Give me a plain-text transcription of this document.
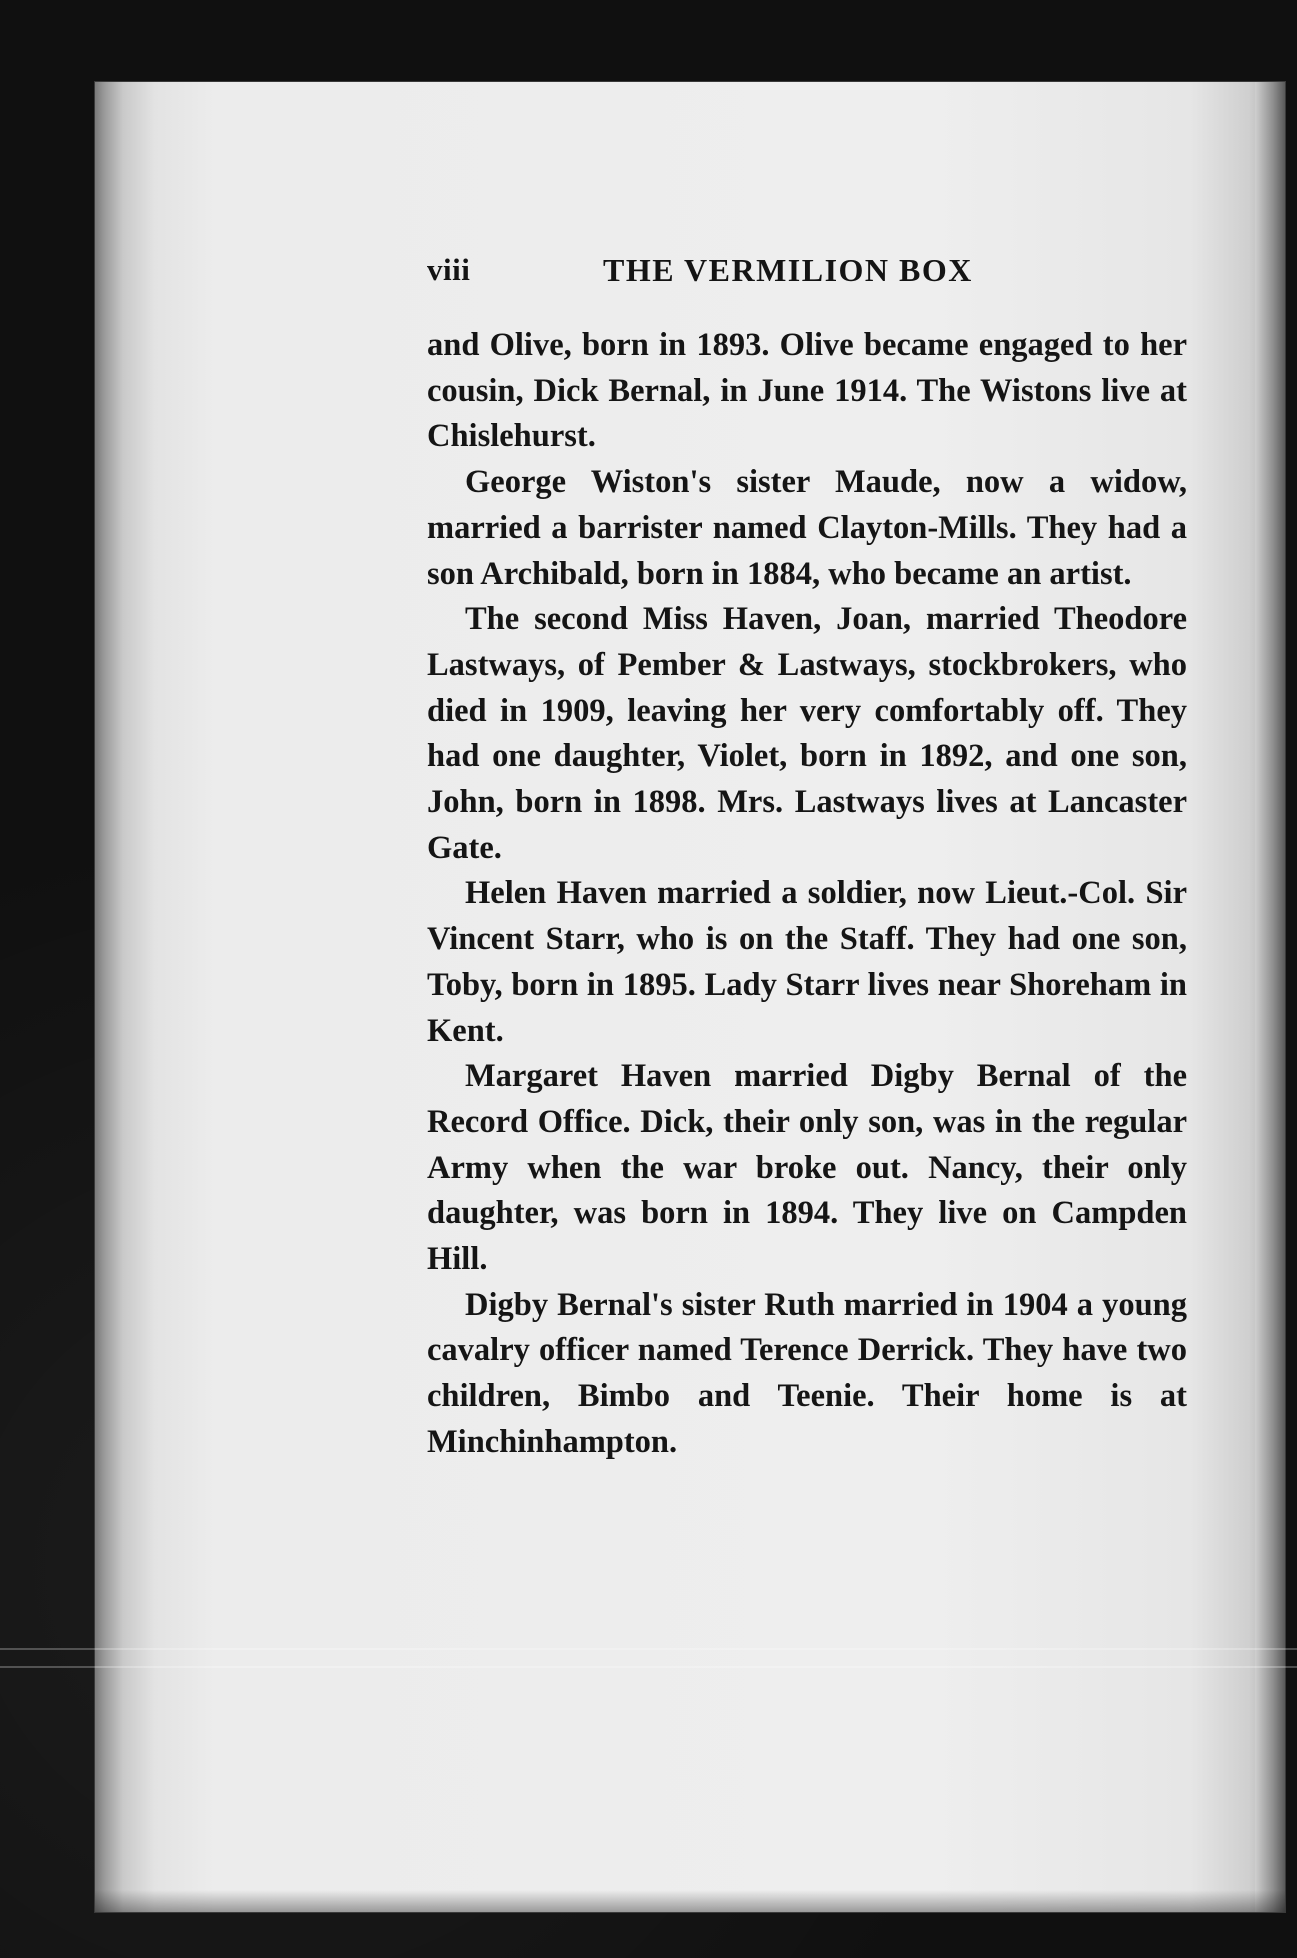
viii	THE VERMILION BOX

and Olive, born in 1893. Olive became engaged to her cousin, Dick Bernal, in June 1914. The Wistons live at Chislehurst.

George Wiston's sister Maude, now a widow, married a barrister named Clayton-Mills. They had a son Archibald, born in 1884, who became an artist.

The second Miss Haven, Joan, married Theodore Lastways, of Pember & Lastways, stockbrokers, who died in 1909, leaving her very comfortably off. They had one daughter, Violet, born in 1892, and one son, John, born in 1898. Mrs. Lastways lives at Lancaster Gate.

Helen Haven married a soldier, now Lieut.-Col. Sir Vincent Starr, who is on the Staff. They had one son, Toby, born in 1895. Lady Starr lives near Shoreham in Kent.

Margaret Haven married Digby Bernal of the Record Office. Dick, their only son, was in the regular Army when the war broke out. Nancy, their only daughter, was born in 1894. They live on Campden Hill.

Digby Bernal's sister Ruth married in 1904 a young cavalry officer named Terence Derrick. They have two children, Bimbo and Teenie. Their home is at Minchinhampton.
